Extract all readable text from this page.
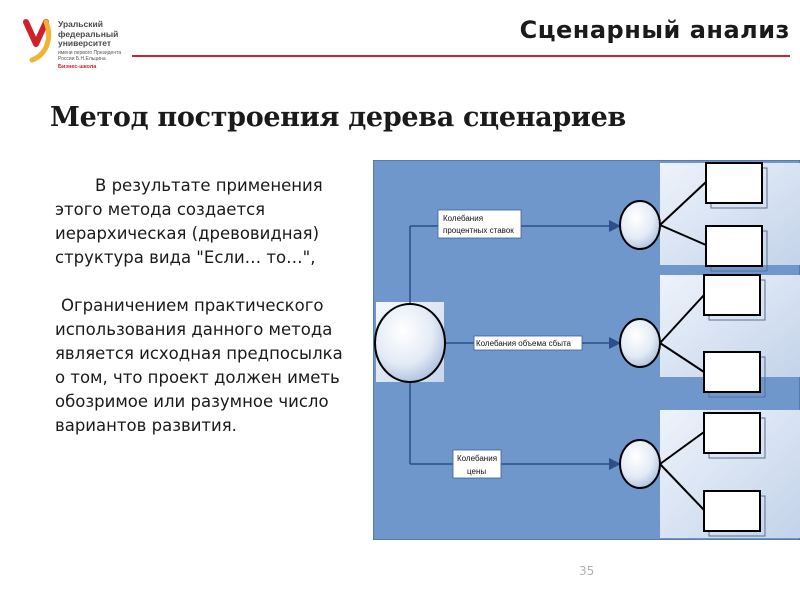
Уральский
федеральный
университет
имени первого Президента
России Б.Н.Ельцина
Бизнес-школа
Сценарный анализ
Метод построения дерева сценариев

В результате применения этого метода создается иерархическая (древовидная) структура вида "Если… то…",

Ограничением практического использования данного метода является исходная предпосылка о том, что проект должен иметь обозримое или разумное число вариантов развития.

Колебания
процентных ставок
Колебания объема сбыта
Колебания
цены
35
